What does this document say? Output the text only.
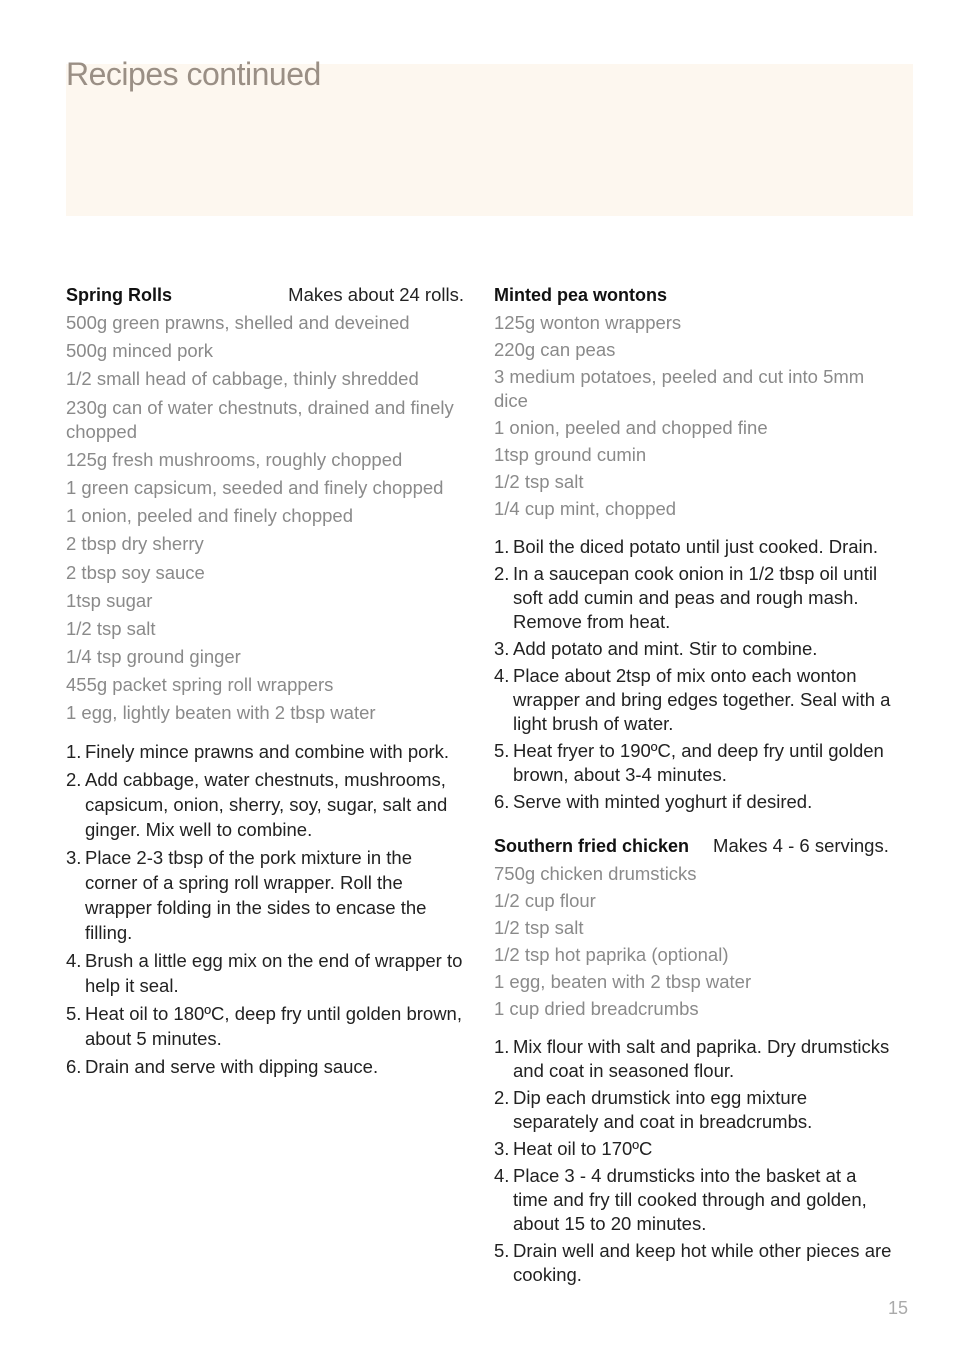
Recipes continued
Spring Rolls	Makes about 24 rolls.
500g green prawns, shelled and deveined
500g minced pork
1/2 small head of cabbage, thinly shredded
230g can of water chestnuts, drained and finely chopped
125g fresh mushrooms, roughly chopped
1 green capsicum, seeded and finely chopped
1 onion, peeled and finely chopped
2 tbsp dry sherry
2 tbsp soy sauce
1tsp sugar
1/2 tsp salt
1/4 tsp ground ginger
455g packet spring roll wrappers
1 egg, lightly beaten with 2 tbsp water
1. Finely mince prawns and combine with pork.
2. Add cabbage, water chestnuts, mushrooms, capsicum, onion, sherry, soy, sugar, salt and ginger. Mix well to combine.
3. Place 2-3 tbsp of the pork mixture in the corner of a spring roll wrapper. Roll the wrapper folding in the sides to encase the filling.
4. Brush a little egg mix on the end of wrapper to help it seal.
5. Heat oil to 180ºC, deep fry until golden brown, about 5 minutes.
6. Drain and serve with dipping sauce.
Minted pea wontons
125g wonton wrappers
220g can peas
3 medium potatoes, peeled and cut into 5mm dice
1 onion, peeled and chopped fine
1tsp ground cumin
1/2 tsp salt
1/4 cup mint, chopped
1. Boil the diced potato until just cooked. Drain.
2. In a saucepan cook onion in 1/2 tbsp oil until soft add cumin and peas and rough mash. Remove from heat.
3. Add potato and mint. Stir to combine.
4. Place about 2tsp of mix onto each wonton wrapper and bring edges together. Seal with a light brush of water.
5. Heat fryer to 190ºC, and deep fry until golden brown, about 3-4 minutes.
6. Serve with minted yoghurt if desired.
Southern fried chicken Makes 4 - 6 servings.
750g chicken drumsticks
1/2 cup flour
1/2 tsp salt
1/2 tsp hot paprika (optional)
1 egg, beaten with 2 tbsp water
1 cup dried breadcrumbs
1. Mix flour with salt and paprika. Dry drumsticks and coat in seasoned flour.
2. Dip each drumstick into egg mixture separately and coat in breadcrumbs.
3. Heat oil to 170ºC
4. Place 3 - 4 drumsticks into the basket at a time and fry till cooked through and golden, about 15 to 20 minutes.
5. Drain well and keep hot while other pieces are cooking.
15
